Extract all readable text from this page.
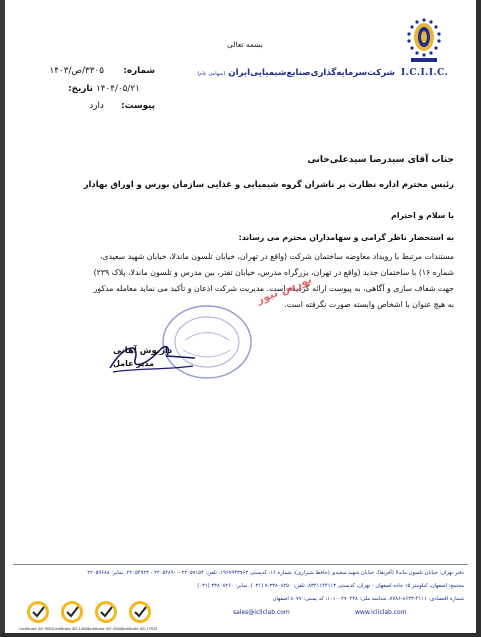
بسمه تعالی
I.C.I.I.C.
شرکت‌سرمایه‌گذاری‌صنایع‌شیمیایی‌ایران (سهامی عام)
شماره: ۳۳۰۵/ص/۱۴۰۳
تاریخ: ۱۴۰۴/۰۵/۲۱
پیوست: دارد
جناب آقای سیدرضا سیدعلی‌خانی
رئیس محترم اداره نظارت بر ناشران گروه شیمیایی و غذایی سازمان بورس و اوراق بهادار
با سلام و احترام
به استحضار ناظر گرامی و سهامداران محترم می رساند:
مستندات مرتبط با رویداد معاوضه ساختمان شرکت (واقع در تهران، خیابان تلسون ماندلا، خیابان شهید سعیدی،
شماره ۱۶) با ساختمان جدید (واقع در تهران، بزرگراه مدرس، خیابان تفتر، بین مدرس و تلسون ماندلا، پلاک ۲۳۹)
جهت شفاف سازی و آگاهی، به پیوست ارائه گردیده است. مدیریت شرکت اذعان و تأکید می نماید معامله مذکور
به هیچ عنوان با اشخاص وابسته صورت نگرفته است.
بورس نیوز
داریوش آهانی
مدیر عامل
دفتر تهران: خیابان تلسون ماندلا (آفریقا)، خیابان شهید سعیدی (حافظ شیرازی)، شماره ۱۶، کدپستی ۱۹۶۷۹۴۳۷۶۳، تلفن: ۲۲۰۵۷۱۵۴ - ۲۲۰۵۴۸۹۰ - ۲۲۰۵۴۹۲۴، نمابر: ۲۲۰۵۹۶۸۸
مجتمع: اصفهان، کیلومتر ۱۵ جاده اصفهان - تهران، کدپستی ۸۳۴۱۱۴۴۱۱۳، تلفن: ۳۳۸۰۸۲۵۰-۷ (۰۳۱)، نمابر: ۳۳۸۰۸۲۶۰ (۰۳۱)
شماره اقتصادی: ۴۱۱۱-۸۶۳۳-۷۷۸۶، شناسه ملی: ۱۰۱۰۰۲۷۰۲۴۸، کد پستی: ۸۰۷۷ اصفهان
sales@icliclab.com	www.icliclab.com
Certificate ISO 9001 Certificate ISO 14001
Certificate ISO 45001
Certificate ISO 17025
